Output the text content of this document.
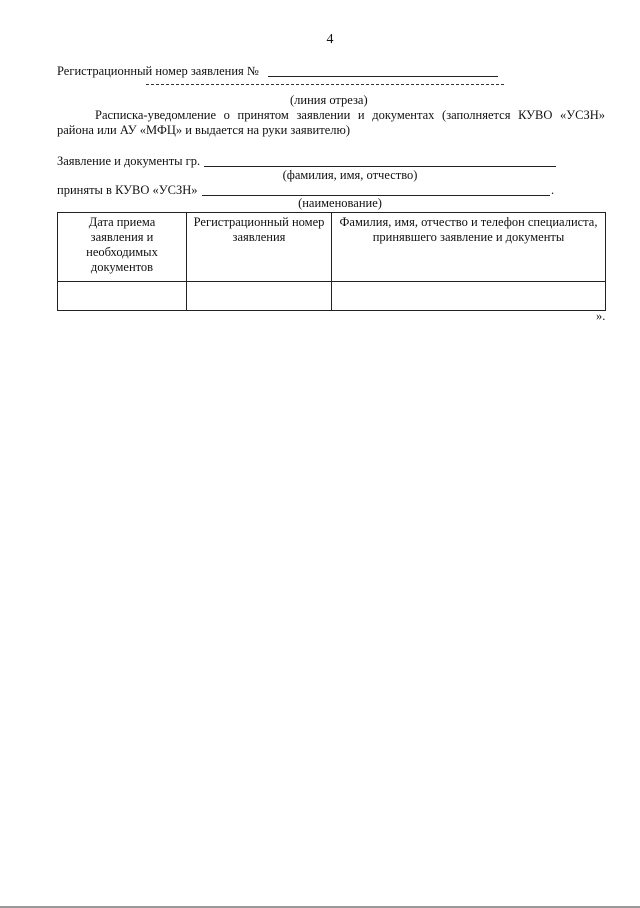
4
Регистрационный номер заявления №
(линия отреза)
Расписка-уведомление о принятом заявлении и документах (заполняется КУВО «УСЗН»
района или АУ «МФЦ» и выдается на руки заявителю)
Заявление и документы гр.
(фамилия, имя, отчество)
приняты в КУВО «УСЗН»	.
(наименование)
Дата приема заявления и необходимых документов	Регистрационный номер заявления	Фамилия, имя, отчество и телефон специалиста, принявшего заявление и документы

».
